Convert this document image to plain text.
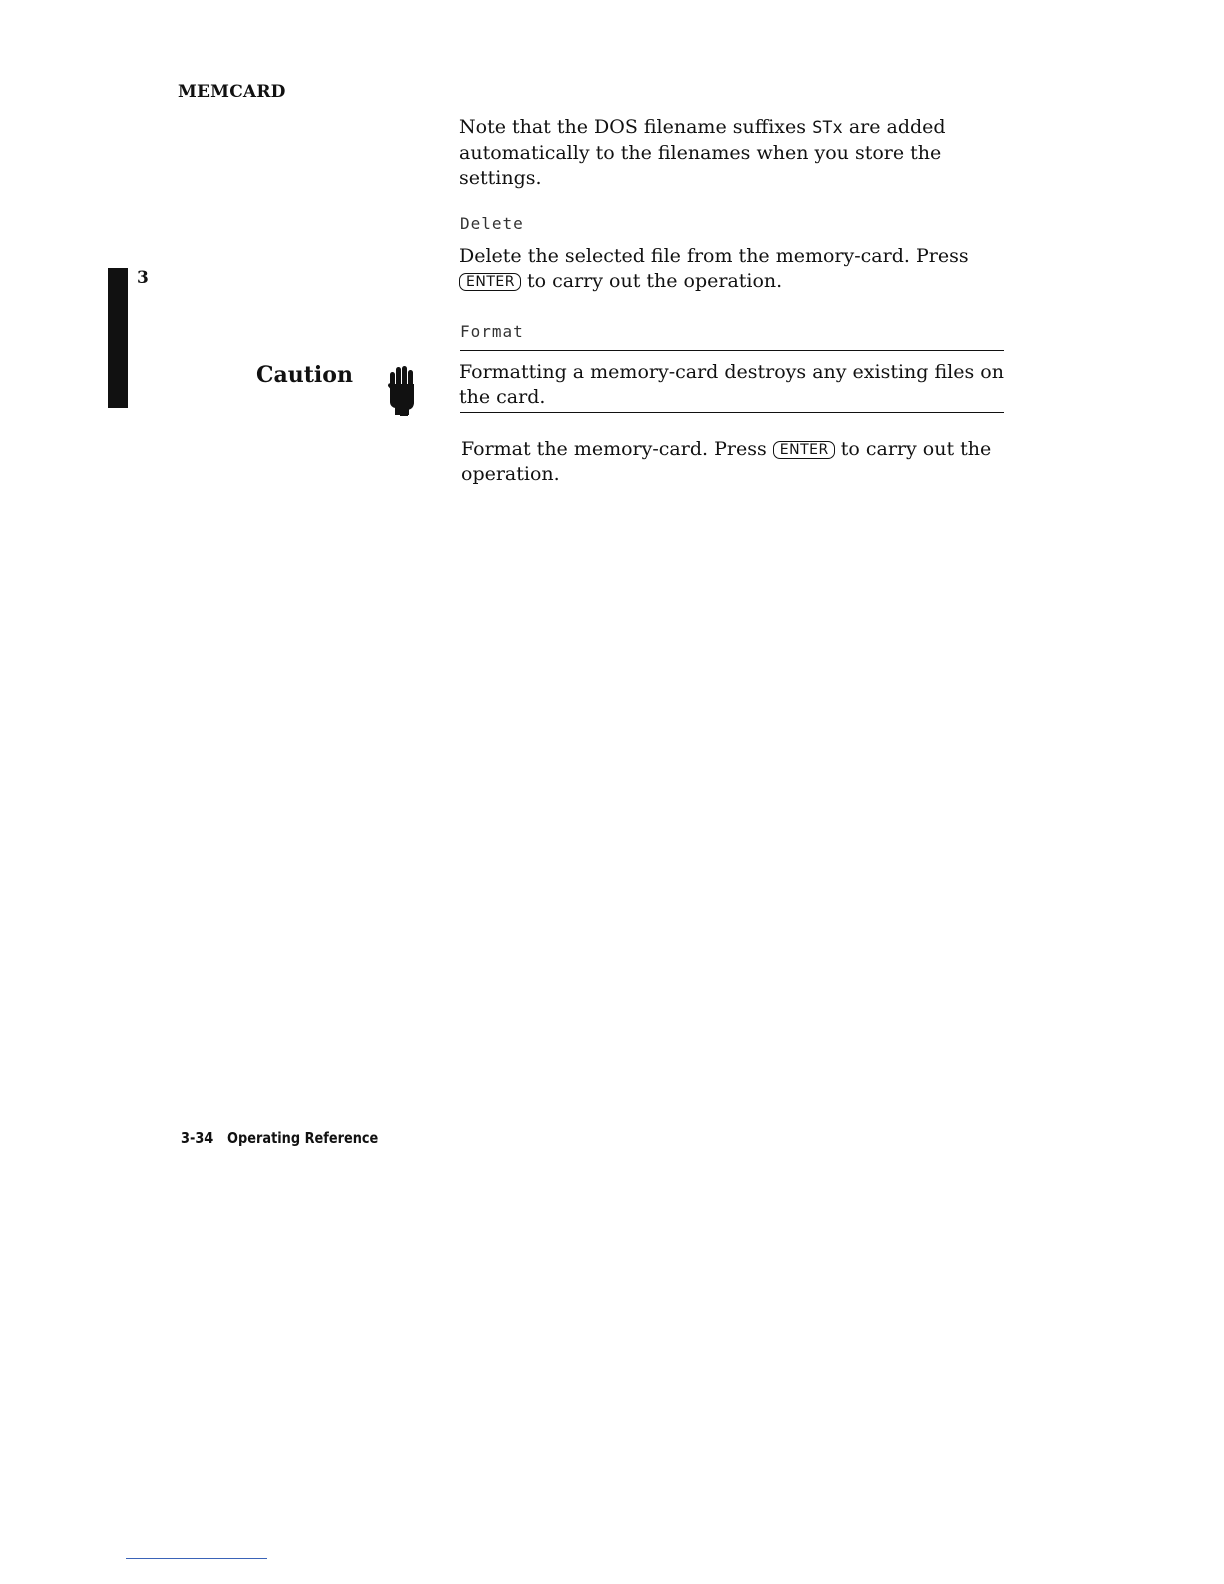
MEMCARD
3
Note that the DOS filename suffixes STx are added automatically to the filenames when you store the settings.
Delete
Delete the selected file from the memory-card. Press
ENTER to carry out the operation.
Format
Caution	Formatting a memory-card destroys any existing files on the card.
Format the memory-card. Press ENTER to carry out the operation.
3-34 Operating Reference
